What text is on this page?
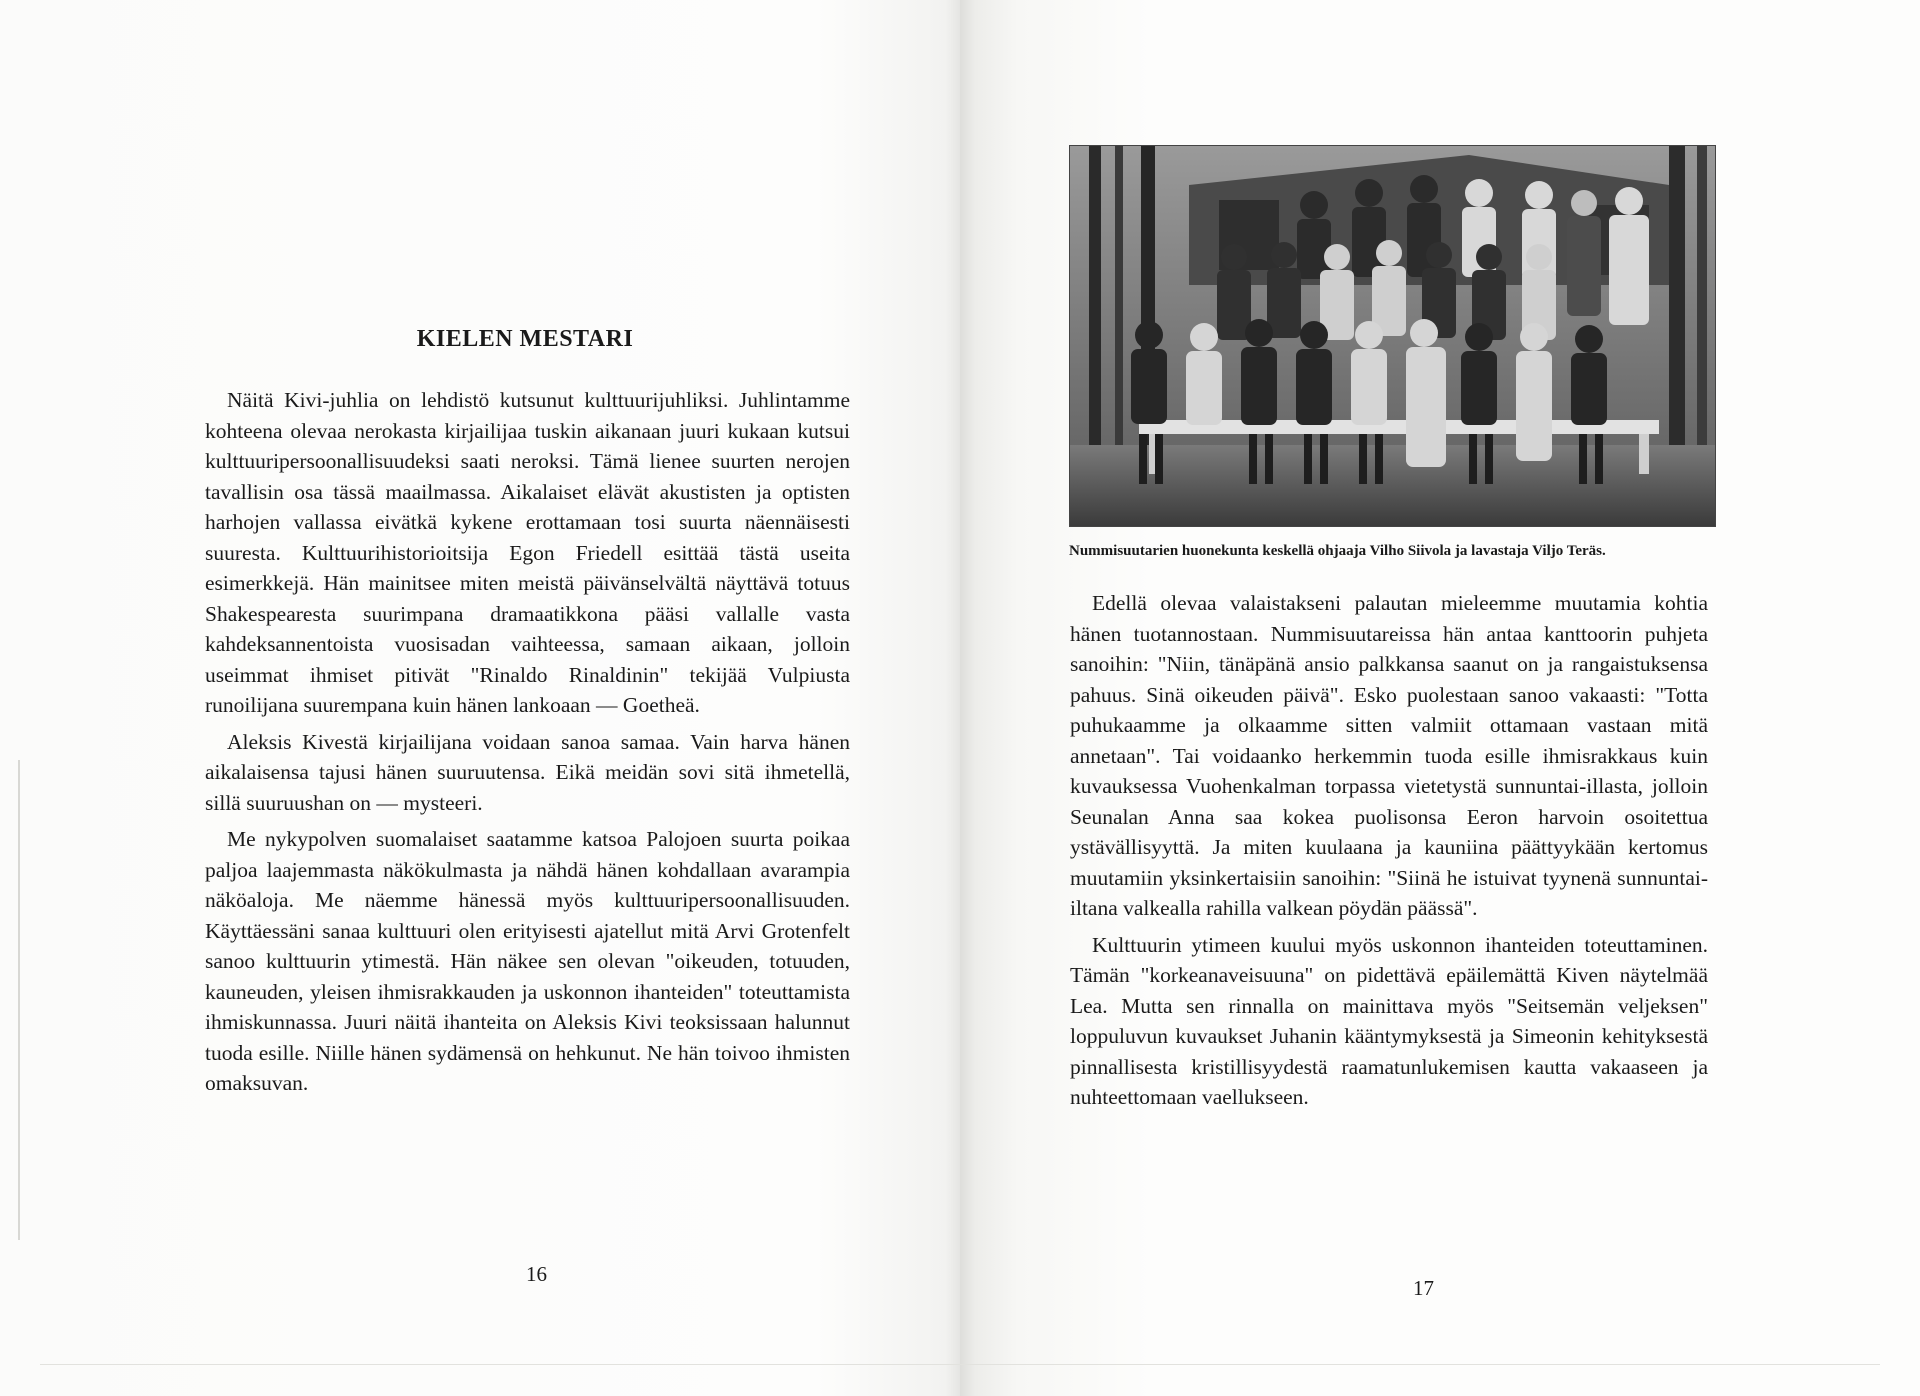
KIELEN MESTARI

Näitä Kivi-juhlia on lehdistö kutsunut kulttuurijuhliksi. Juhlintamme kohteena olevaa nerokasta kirjailijaa tuskin aikanaan juuri kukaan kutsui kulttuuripersoonallisuudeksi saati neroksi. Tämä lienee suurten nerojen tavallisin osa tässä maailmassa. Aikalaiset elävät akustisten ja optisten harhojen vallassa eivätkä kykene erottamaan tosi suurta näennäisesti suuresta. Kulttuurihistorioitsija Egon Friedell esittää tästä useita esimerkkejä. Hän mainitsee miten meistä päivänselvältä näyttävä totuus Shakespearesta suurimpana dramaatikkona pääsi vallalle vasta kahdeksannentoista vuosisadan vaihteessa, samaan aikaan, jolloin useimmat ihmiset pitivät "Rinaldo Rinaldinin" tekijää Vulpiusta runoilijana suurempana kuin hänen lankoaan — Goetheä.

Aleksis Kivestä kirjailijana voidaan sanoa samaa. Vain harva hänen aikalaisensa tajusi hänen suuruutensa. Eikä meidän sovi sitä ihmetellä, sillä suuruushan on — mysteeri.

Me nykypolven suomalaiset saatamme katsoa Palojoen suurta poikaa paljoa laajemmasta näkökulmasta ja nähdä hänen kohdallaan avarampia näköaloja. Me näemme hänessä myös kulttuuripersoonallisuuden. Käyttäessäni sanaa kulttuuri olen erityisesti ajatellut mitä Arvi Grotenfelt sanoo kulttuurin ytimestä. Hän näkee sen olevan "oikeuden, totuuden, kauneuden, yleisen ihmisrakkauden ja uskonnon ihanteiden" toteuttamista ihmiskunnassa. Juuri näitä ihanteita on Aleksis Kivi teoksissaan halunnut tuoda esille. Niille hänen sydämensä on hehkunut. Ne hän toivoo ihmisten omaksuvan.

16

Nummisuutarien huonekunta keskellä ohjaaja Vilho Siivola ja lavastaja Viljo Teräs.

Edellä olevaa valaistakseni palautan mieleemme muutamia kohtia hänen tuotannostaan. Nummisuutareissa hän antaa kanttoorin puhjeta sanoihin: "Niin, tänäpänä ansio palkkansa saanut on ja rangaistuksensa pahuus. Sinä oikeuden päivä". Esko puolestaan sanoo vakaasti: "Totta puhukaamme ja olkaamme sitten valmiit ottamaan vastaan mitä annetaan". Tai voidaanko herkemmin tuoda esille ihmisrakkaus kuin kuvauksessa Vuohenkalman torpassa vietetystä sunnuntai-illasta, jolloin Seunalan Anna saa kokea puolisonsa Eeron harvoin osoitettua ystävällisyyttä. Ja miten kuulaana ja kauniina päättyykään kertomus muutamiin yksinkertaisiin sanoihin: "Siinä he istuivat tyynenä sunnuntai-iltana valkealla rahilla valkean pöydän päässä".

Kulttuurin ytimeen kuului myös uskonnon ihanteiden toteuttaminen. Tämän "korkeanaveisuuna" on pidettävä epäilemättä Kiven näytelmää Lea. Mutta sen rinnalla on mainittava myös "Seitsemän veljeksen" loppuluvun kuvaukset Juhanin kääntymyksestä ja Simeonin kehityksestä pinnallisesta kristillisyydestä raamatunlukemisen kautta vakaaseen ja nuhteettomaan vaellukseen.

17
